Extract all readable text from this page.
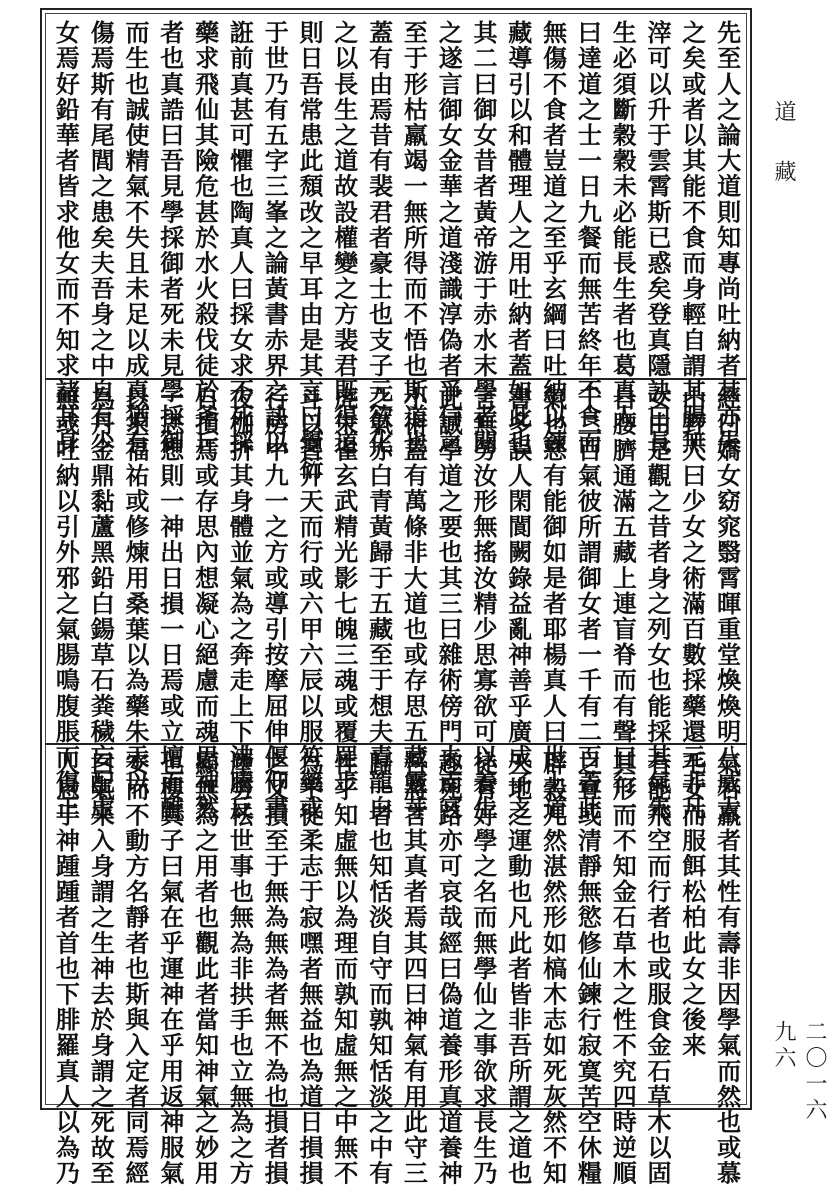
先至人之論大道則知專尚吐納者其亦失
之矣或者以其能不食而身輕自謂其腸無
滓可以升于雲霄斯已惑矣登真隱訣曰長
生必須斷穀穀未必能長生者也葛真人
曰達道之士一日九餐而無苦終年不食而
無傷不食者豈道之至乎玄綱曰吐納以鍊
藏導引以和體理人之用吐納者蓋如此也
其二曰御女昔者黃帝游于赤水末學者聞
之遂言御女金華之道淺識淳偽者爭信之
至于形枯羸竭一無所得而不悟也斯道也
蓋有由焉昔有裴君者豪士也支子元欲化
之以長生之道故設權變之方裴君既得道
則日吾常患此頹改之早耳由是其言曰覺衍
于世乃有五字三峯之論黃書赤界之訣以
誑前真甚可懼也陶真人曰採女求不死採
藥求飛仙其險危甚於水火殺伐徒於斧斤
者也真誥曰吾見學採御者死未見學採御
而生也誠使精氣不失且未足以成真猶有
傷焉斯有尾閭之患矣夫吾身之中自有少
女焉好鉛華者皆求他女而不知求諸其身
經曰嬌女窈窕翳霄暉重堂煥煥明八威太
山野人曰少女之術滿百數採藥還元非凡
女由是觀之昔者身之列女也能採其氣先
自腰臍通滿五藏上連盲脊而有聲曰行一
千二百氣彼所謂御女者一千有二百蓋此
氣也惡有能御如是者耶楊真人曰世上道
書多誤人閑閬闕錄益亂神善乎廣成子之
言無勞汝形無搖汝精少思寡欲可以養生
此誠學道之要也其三曰雜術傍門夫南宮
小術蓋有萬條非大道也或存思五藏靈芽
之氣赤白青黃歸于五藏至于想夫青龍白
虎朱雀玄武精光影七魄三魂或覆罡步
斗以習升天而行或六甲六辰以服符藥或
行房中九一之方或導引按摩屈伸偃仰書
夜枷折其身體並氣為之奔走上下沸騰反
自損焉或存思內想凝心絕慮而魂思神然
一思想則一神出日損一日焉或立壇而醮
以求福祐或修煉用桑葉以為藥朱汞以
為丹金鼎黏蘆黑鉛白鍚草石粪穢妄配虛
無或吐納以引外邪之氣腸鳴腹脹而傷正
氣若羸者其性有壽非因學氣而然也或慕
毛女而服餌松柏此女之後来
有能飛空而行者也或服食金石草木以固
其形而不知金石草木之性不究四時逆順
之宜或清靜無慾修仙鍊行寂寞苦空休糧
辟穀兀然湛然形如槁木志如死灰然不知
天地之運動也凡此者皆非吾所謂之道也
徒有好學之名而無學仙之事欲求長生乃
趣死路亦可哀哉經曰偽道養形真道養神
吾將言其真者焉其四曰神氣有用此守三
歸一者也知恬淡自守而孰知恬淡之中有
性乎知虛無以為理而孰知虛無之中無不
為乎徒柔志于寂嘿者無益也為道日損損
之又損至于無為無為者無不為也損者損
塵勞袪世事也無為非拱手也立無為之方
顯無為之用者也觀此者當知神氣之妙用
也樓真子曰氣在乎運神在乎用返神服氣
安而不動方名靜者也斯與入定者同焉經
曰氣来入身謂之生神去於身謂之死故至
人息于神踵踵者首也下腓羅真人以為乃
道藏
二〇一六九六
